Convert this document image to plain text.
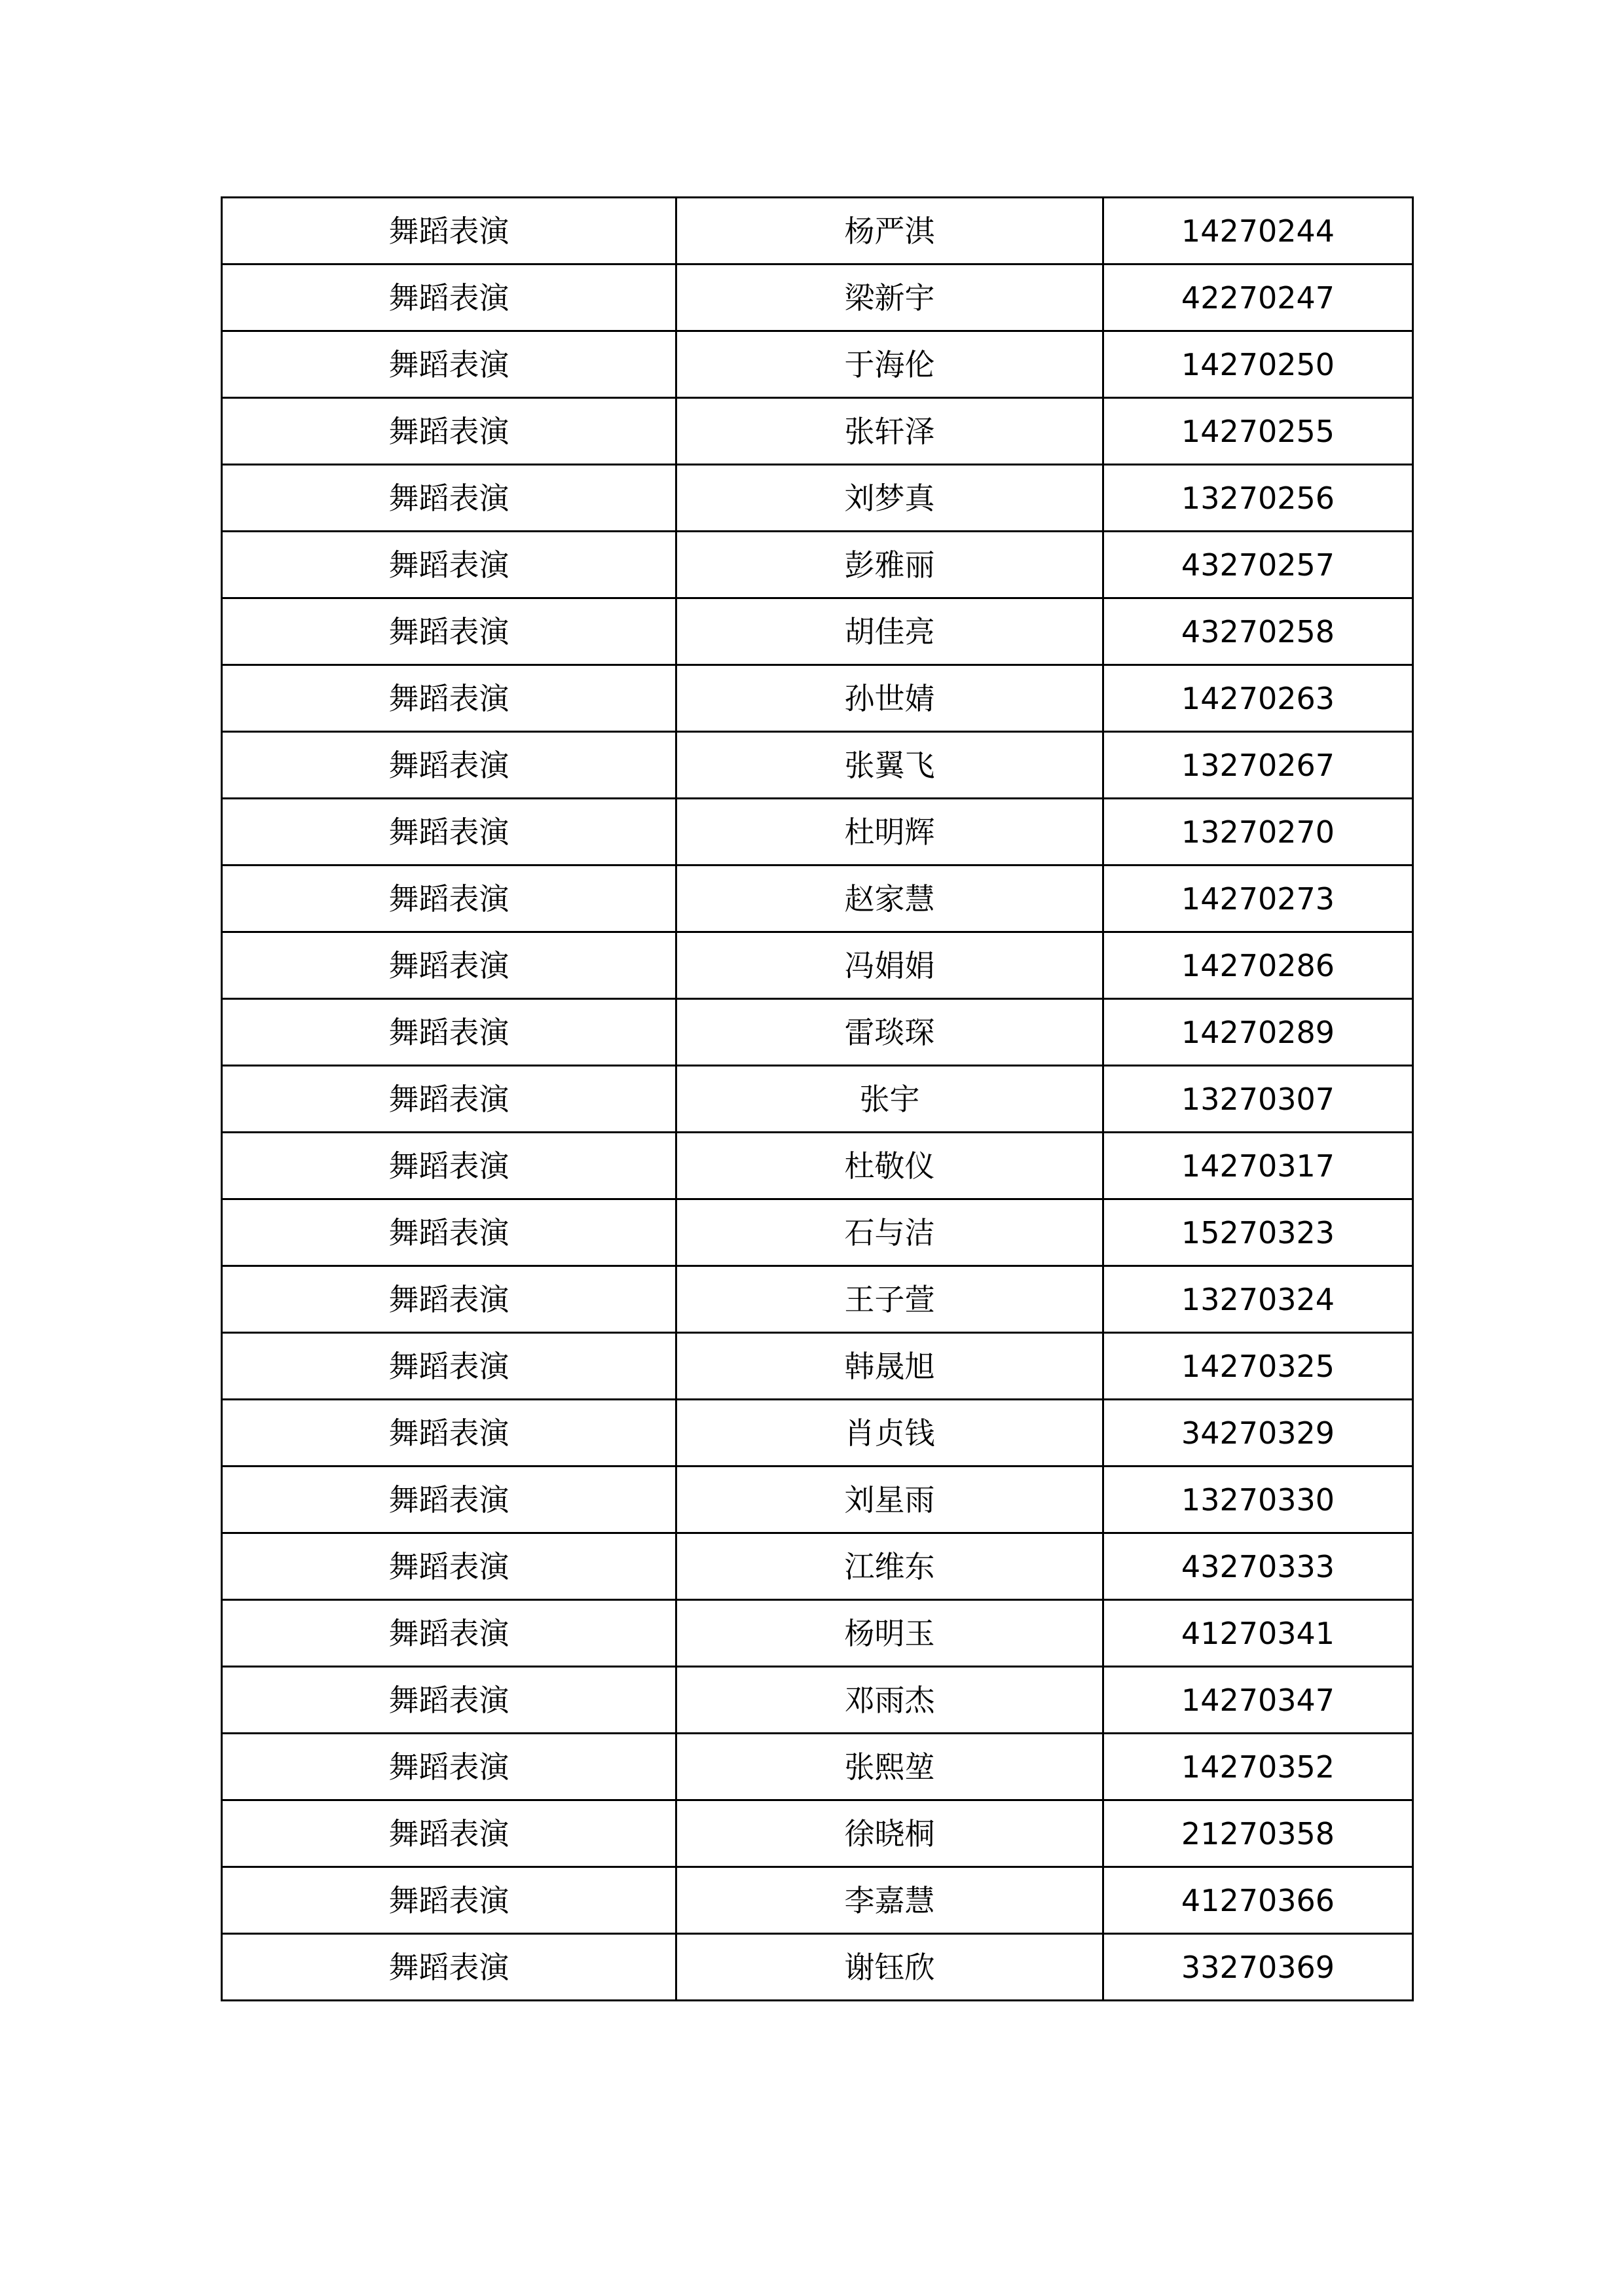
舞蹈表演	杨严淇	14270244
舞蹈表演	梁新宇	42270247
舞蹈表演	于海伦	14270250
舞蹈表演	张轩泽	14270255
舞蹈表演	刘梦真	13270256
舞蹈表演	彭雅丽	43270257
舞蹈表演	胡佳亮	43270258
舞蹈表演	孙世婧	14270263
舞蹈表演	张翼飞	13270267
舞蹈表演	杜明辉	13270270
舞蹈表演	赵家慧	14270273
舞蹈表演	冯娟娟	14270286
舞蹈表演	雷琰琛	14270289
舞蹈表演	张宇	13270307
舞蹈表演	杜敬仪	14270317
舞蹈表演	石与洁	15270323
舞蹈表演	王子萱	13270324
舞蹈表演	韩晟旭	14270325
舞蹈表演	肖贞钱	34270329
舞蹈表演	刘星雨	13270330
舞蹈表演	江维东	43270333
舞蹈表演	杨明玉	41270341
舞蹈表演	邓雨杰	14270347
舞蹈表演	张熙堃	14270352
舞蹈表演	徐晓桐	21270358
舞蹈表演	李嘉慧	41270366
舞蹈表演	谢钰欣	33270369
